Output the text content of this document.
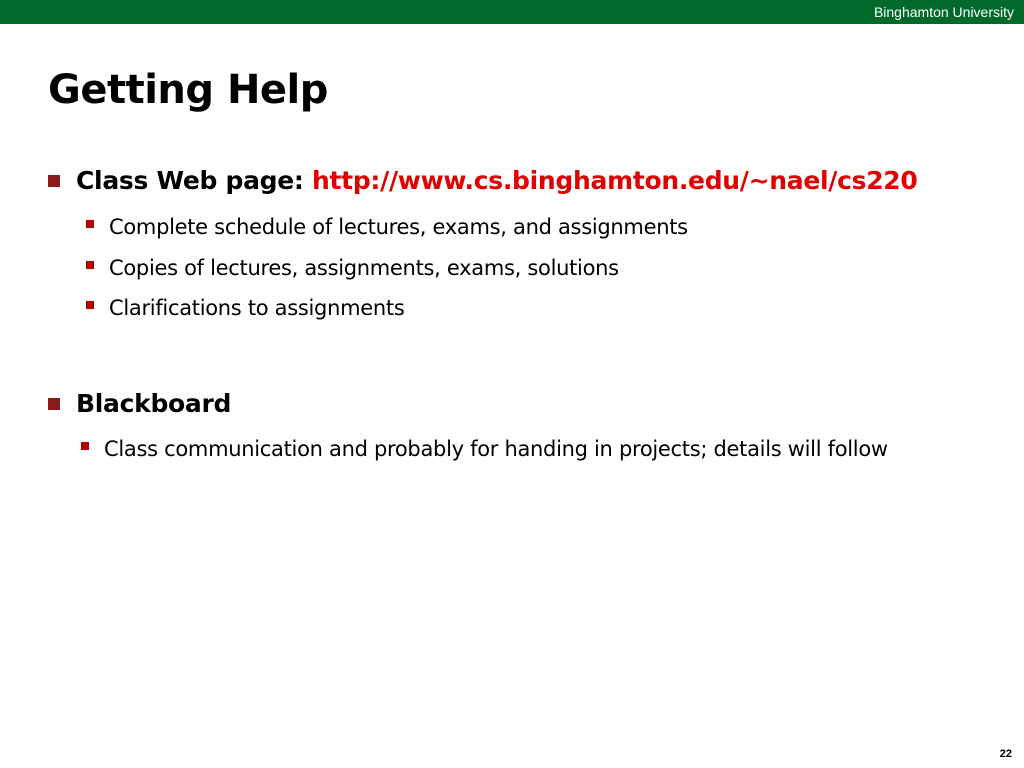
Binghamton University
Getting Help
Class Web page: http://www.cs.binghamton.edu/~nael/cs220
Complete schedule of lectures, exams, and assignments
Copies of lectures, assignments, exams, solutions
Clarifications to assignments
Blackboard
Class communication and probably for handing in projects; details will follow
22
